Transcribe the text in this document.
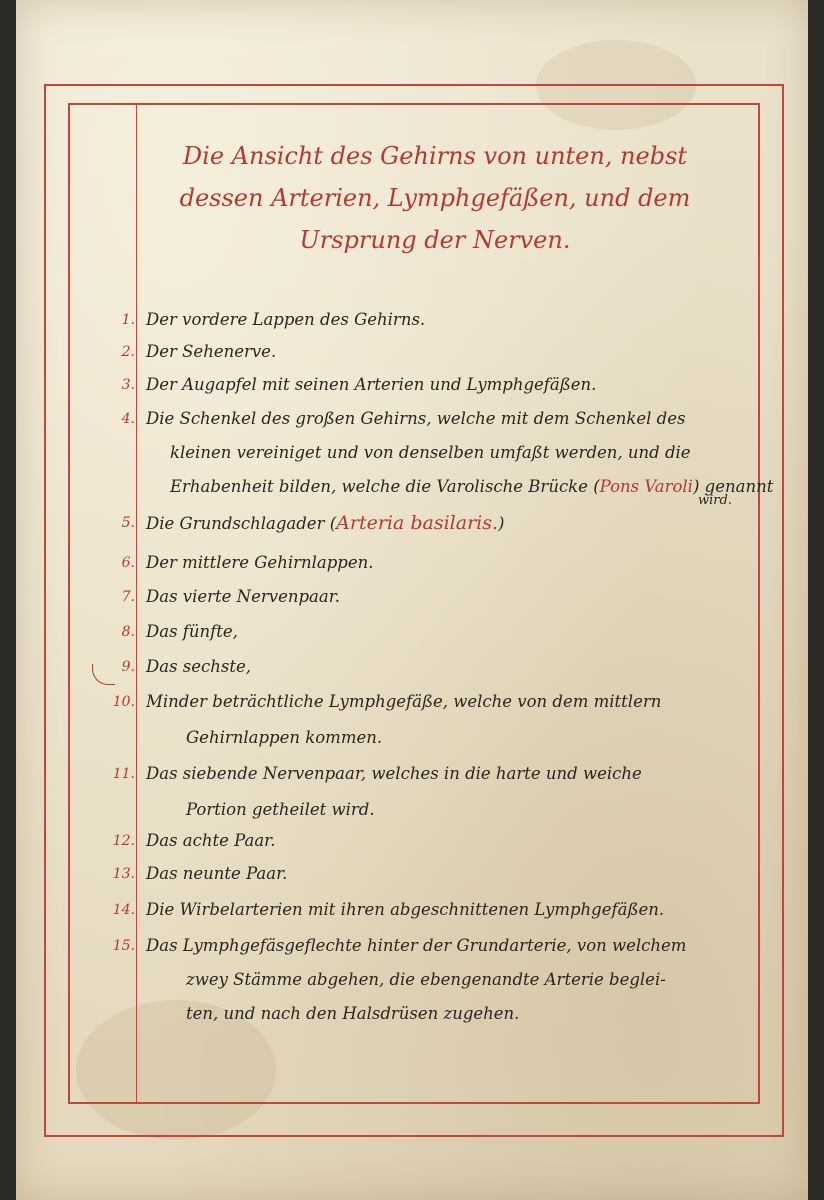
Die Ansicht des Gehirns von unten, nebst
dessen Arterien, Lymphgefäßen, und dem
Ursprung der Nerven.
1. Der vordere Lappen des Gehirns.
2. Der Sehenerve.
3. Der Augapfel mit seinen Arterien und Lymphgefäßen.
4. Die Schenkel des großen Gehirns, welche mit dem Schenkel des
kleinen vereiniget und von denselben umfaßt werden, und die
Erhabenheit bilden, welche die Varolische Brücke (Pons Varoli) genannt
wird.
5. Die Grundschlagader (Arteria basilaris.)
6. Der mittlere Gehirnlappen.
7. Das vierte Nervenpaar.
8. Das fünfte,
9. Das sechste,
10. Minder beträchtliche Lymphgefäße, welche von dem mittlern
Gehirnlappen kommen.
11. Das siebende Nervenpaar, welches in die harte und weiche
Portion getheilet wird.
12. Das achte Paar.
13. Das neunte Paar.
14. Die Wirbelarterien mit ihren abgeschnittenen Lymphgefäßen.
15. Das Lymphgefäsgeflechte hinter der Grundarterie, von welchem
zwey Stämme abgehen, die ebengenandte Arterie beglei-
ten, und nach den Halsdrüsen zugehen.
